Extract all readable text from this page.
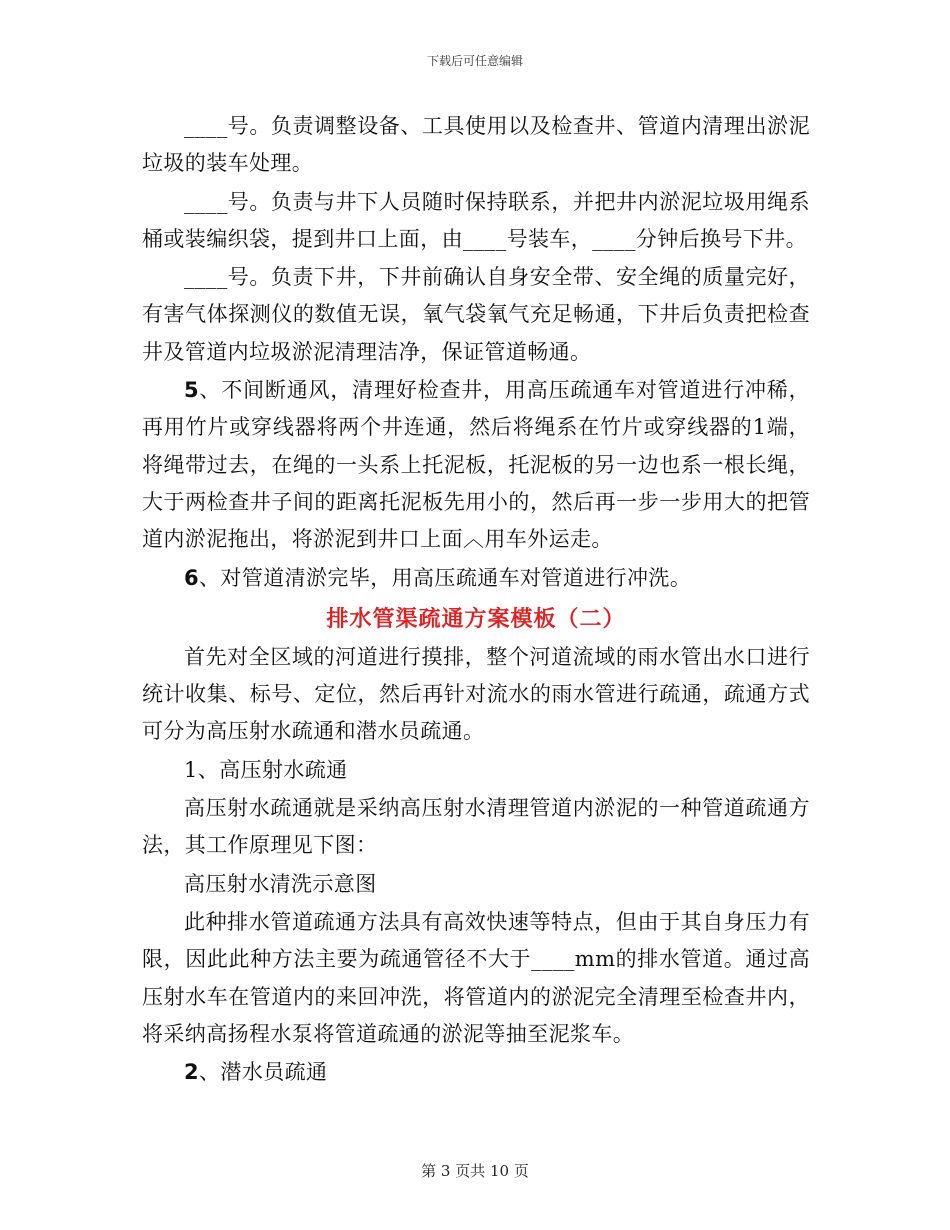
下载后可任意编辑

____号。负责调整设备、工具使用以及检查井、管道内清理出淤泥垃圾的装车处理。

____号。负责与井下人员随时保持联系，并把井内淤泥垃圾用绳系桶或装编织袋，提到井口上面，由____号装车，____分钟后换号下井。

____号。负责下井，下井前确认自身安全带、安全绳的质量完好，有害气体探测仪的数值无误，氧气袋氧气充足畅通，下井后负责把检查井及管道内垃圾淤泥清理洁净，保证管道畅通。

5、不间断通风，清理好检查井，用高压疏通车对管道进行冲稀，再用竹片或穿线器将两个井连通，然后将绳系在竹片或穿线器的1端，将绳带过去，在绳的一头系上托泥板，托泥板的另一边也系一根长绳，大于两检查井子间的距离托泥板先用小的，然后再一步一步用大的把管道内淤泥拖出，将淤泥到井口上面︿用车外运走。

6、对管道清淤完毕，用高压疏通车对管道进行冲洗。

排水管渠疏通方案模板（二）

首先对全区域的河道进行摸排，整个河道流域的雨水管出水口进行统计收集、标号、定位，然后再针对流水的雨水管进行疏通，疏通方式可分为高压射水疏通和潜水员疏通。

1、高压射水疏通

高压射水疏通就是采纳高压射水清理管道内淤泥的一种管道疏通方法，其工作原理见下图：

高压射水清洗示意图

此种排水管道疏通方法具有高效快速等特点，但由于其自身压力有限，因此此种方法主要为疏通管径不大于____mm的排水管道。通过高压射水车在管道内的来回冲洗，将管道内的淤泥完全清理至检查井内，将采纳高扬程水泵将管道疏通的淤泥等抽至泥浆车。

2、潜水员疏通

第 3 页共 10 页
